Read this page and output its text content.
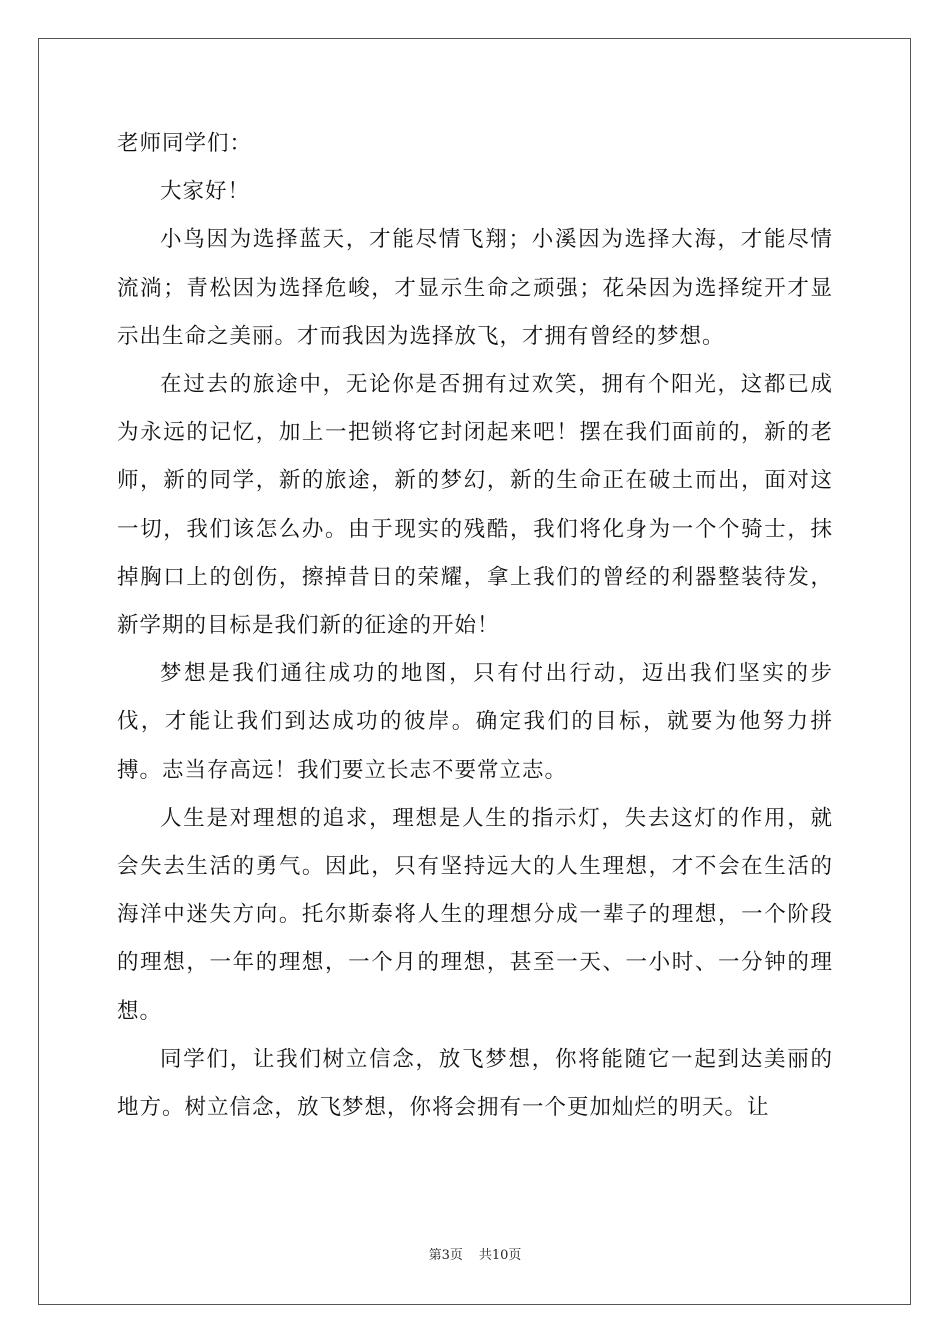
老师同学们：

大家好！

小鸟因为选择蓝天，才能尽情飞翔；小溪因为选择大海，才能尽情流淌；青松因为选择危峻，才显示生命之顽强；花朵因为选择绽开才显示出生命之美丽。才而我因为选择放飞，才拥有曾经的梦想。

在过去的旅途中，无论你是否拥有过欢笑，拥有个阳光，这都已成为永远的记忆，加上一把锁将它封闭起来吧！摆在我们面前的，新的老师，新的同学，新的旅途，新的梦幻，新的生命正在破土而出，面对这一切，我们该怎么办。由于现实的残酷，我们将化身为一个个骑士，抹掉胸口上的创伤，擦掉昔日的荣耀，拿上我们的曾经的利器整装待发，新学期的目标是我们新的征途的开始！

梦想是我们通往成功的地图，只有付出行动，迈出我们坚实的步伐，才能让我们到达成功的彼岸。确定我们的目标，就要为他努力拼搏。志当存高远！我们要立长志不要常立志。

人生是对理想的追求，理想是人生的指示灯，失去这灯的作用，就会失去生活的勇气。因此，只有坚持远大的人生理想，才不会在生活的海洋中迷失方向。托尔斯泰将人生的理想分成一辈子的理想，一个阶段的理想，一年的理想，一个月的理想，甚至一天、一小时、一分钟的理想。

同学们，让我们树立信念，放飞梦想，你将能随它一起到达美丽的地方。树立信念，放飞梦想，你将会拥有一个更加灿烂的明天。让

第3页 共10页
